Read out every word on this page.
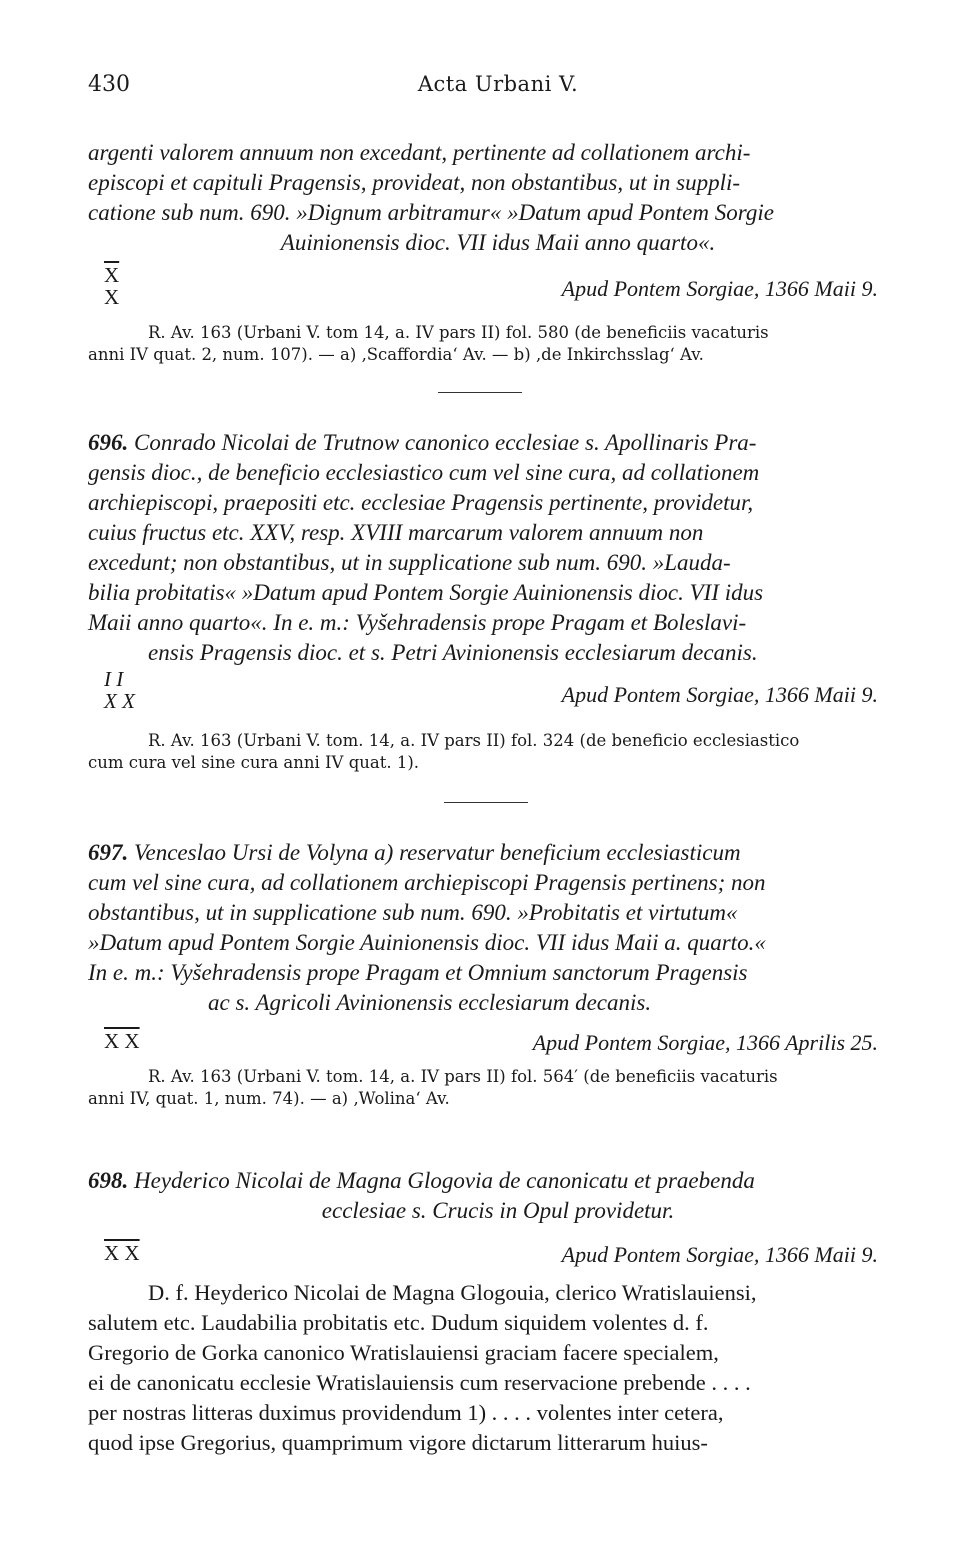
430	Acta Urbani V.

argenti valorem annuum non excedant, pertinente ad collationem archi-

episcopi et capituli Pragensis, provideat, non obstantibus, ut in suppli-

catione sub num. 690. »Dignum arbitramur« »Datum apud Pontem Sorgie

Auinionensis dioc. VII idus Maii anno quarto«.

$\overline{X}$
X	Apud Pontem Sorgiae, 1366 Maii 9.

R. Av. 163 (Urbani V. tom 14, a. IV pars II) fol. 580 (de beneficiis vacaturis

anni IV quat. 2, num. 107). — a) ‚Scaffordia‘ Av. — b) ‚de Inkirchsslag‘ Av.

696. Conrado Nicolai de Trutnow canonico ecclesiae s. Apollinaris Pra-

gensis dioc., de beneficio ecclesiastico cum vel sine cura, ad collationem

archiepiscopi, praepositi etc. ecclesiae Pragensis pertinente, providetur,

cuius fructus etc. XXV, resp. XVIII marcarum valorem annuum non

excedunt; non obstantibus, ut in supplicatione sub num. 690. »Lauda-

bilia probitatis« »Datum apud Pontem Sorgie Auinionensis dioc. VII idus

Maii anno quarto«. In e. m.: Vyšehradensis prope Pragam et Boleslavi-

ensis Pragensis dioc. et s. Petri Avinionensis ecclesiarum decanis.

I I
X X	Apud Pontem Sorgiae, 1366 Maii 9.

R. Av. 163 (Urbani V. tom. 14, a. IV pars II) fol. 324 (de beneficio ecclesiastico

cum cura vel sine cura anni IV quat. 1).

697. Venceslao Ursi de Volyna a) reservatur beneficium ecclesiasticum

cum vel sine cura, ad collationem archiepiscopi Pragensis pertinens; non

obstantibus, ut in supplicatione sub num. 690. »Probitatis et virtutum«

»Datum apud Pontem Sorgie Auinionensis dioc. VII idus Maii a. quarto.«

In e. m.: Vyšehradensis prope Pragam et Omnium sanctorum Pragensis

ac s. Agricoli Avinionensis ecclesiarum decanis.

X X	Apud Pontem Sorgiae, 1366 Aprilis 25.

R. Av. 163 (Urbani V. tom. 14, a. IV pars II) fol. 564′ (de beneficiis vacaturis

anni IV, quat. 1, num. 74). — a) ‚Wolina‘ Av.

698. Heyderico Nicolai de Magna Glogovia de canonicatu et praebenda

ecclesiae s. Crucis in Opul providetur.

X X	Apud Pontem Sorgiae, 1366 Maii 9.

D. f. Heyderico Nicolai de Magna Glogouia, clerico Wratislauiensi,

salutem etc. Laudabilia probitatis etc. Dudum siquidem volentes d. f.

Gregorio de Gorka canonico Wratislauiensi graciam facere specialem,

ei de canonicatu ecclesie Wratislauiensis cum reservacione prebende . . . .

per nostras litteras duximus providendum 1) . . . . volentes inter cetera,

quod ipse Gregorius, quamprimum vigore dictarum litterarum huius-
